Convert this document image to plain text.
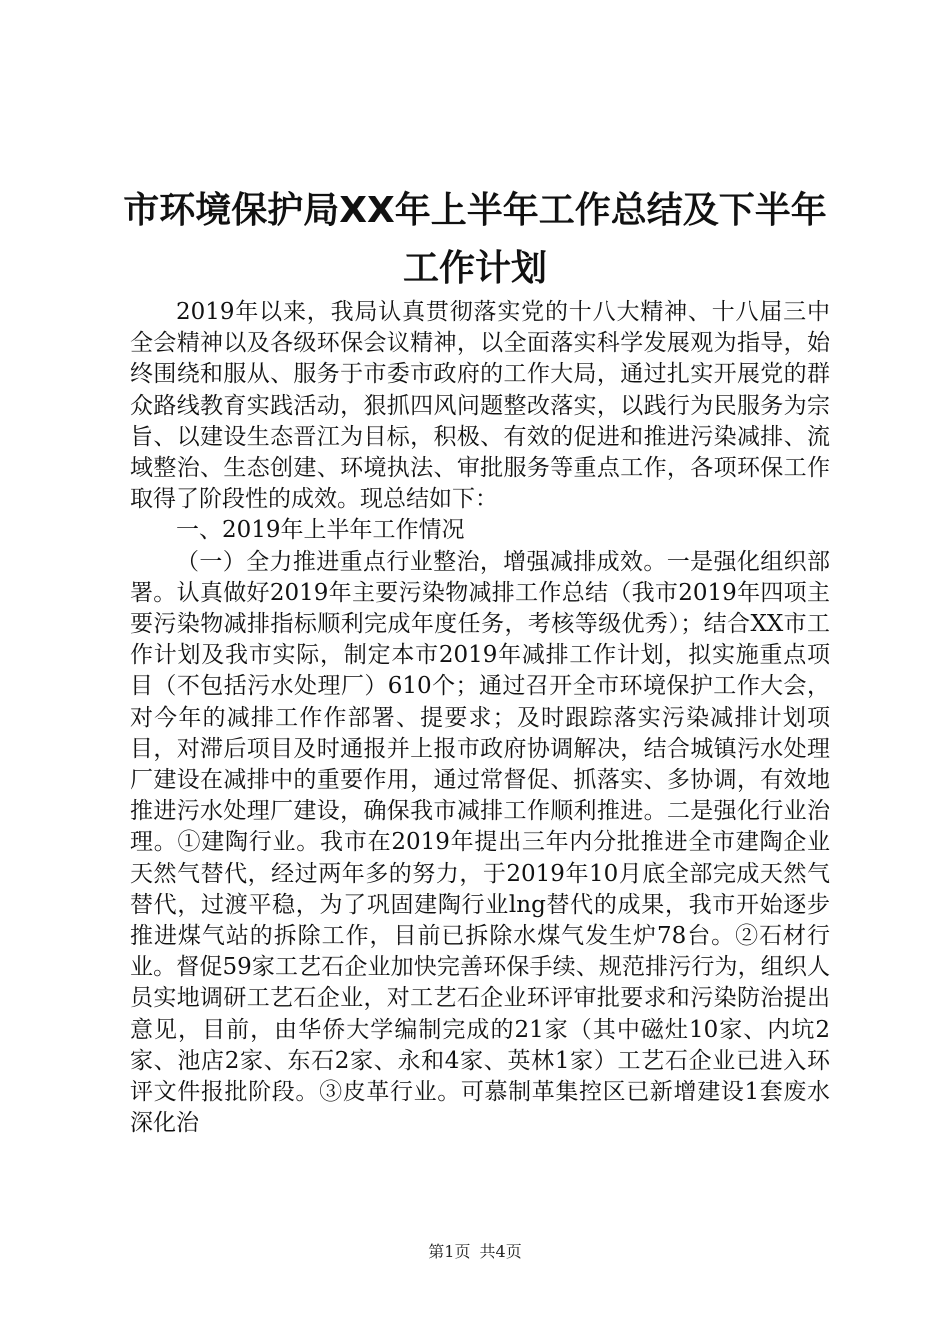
市环境保护局XX年上半年工作总结及下半年
工作计划

2019年以来，我局认真贯彻落实党的十八大精神、十八届三中全会精神以及各级环保会议精神，以全面落实科学发展观为指导，始终围绕和服从、服务于市委市政府的工作大局，通过扎实开展党的群众路线教育实践活动，狠抓四风问题整改落实，以践行为民服务为宗旨、以建设生态晋江为目标，积极、有效的促进和推进污染减排、流域整治、生态创建、环境执法、审批服务等重点工作，各项环保工作取得了阶段性的成效。现总结如下：

一、2019年上半年工作情况

（一）全力推进重点行业整治，增强减排成效。一是强化组织部署。认真做好2019年主要污染物减排工作总结（我市2019年四项主要污染物减排指标顺利完成年度任务，考核等级优秀）；结合XX市工作计划及我市实际，制定本市2019年减排工作计划，拟实施重点项目（不包括污水处理厂）610个；通过召开全市环境保护工作大会，对今年的减排工作作部署、提要求；及时跟踪落实污染减排计划项目，对滞后项目及时通报并上报市政府协调解决，结合城镇污水处理厂建设在减排中的重要作用，通过常督促、抓落实、多协调，有效地推进污水处理厂建设，确保我市减排工作顺利推进。二是强化行业治理。①建陶行业。我市在2019年提出三年内分批推进全市建陶企业天然气替代，经过两年多的努力，于2019年10月底全部完成天然气替代，过渡平稳，为了巩固建陶行业lng替代的成果，我市开始逐步推进煤气站的拆除工作，目前已拆除水煤气发生炉78台。②石材行业。督促59家工艺石企业加快完善环保手续、规范排污行为，组织人员实地调研工艺石企业，对工艺石企业环评审批要求和污染防治提出意见，目前，由华侨大学编制完成的21家（其中磁灶10家、内坑2家、池店2家、东石2家、永和4家、英林1家）工艺石企业已进入环评文件报批阶段。③皮革行业。可慕制革集控区已新增建设1套废水深化治

第1页 共4页
